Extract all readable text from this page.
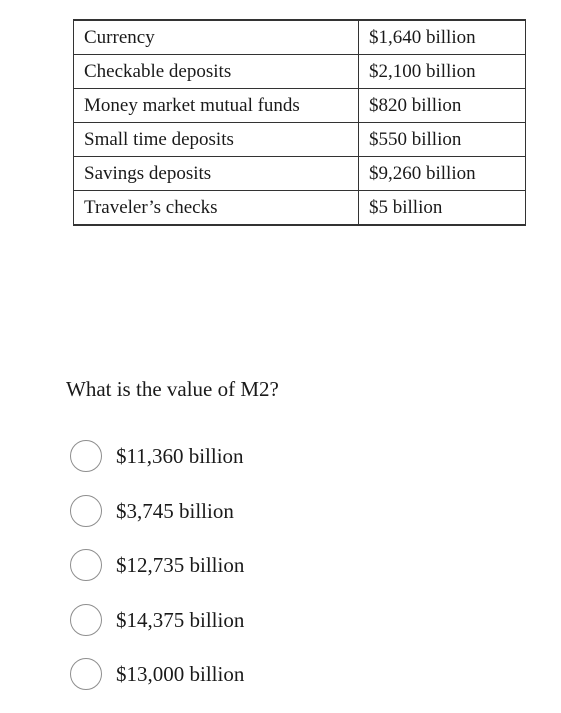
Currency	$1,640 billion
Checkable deposits	$2,100 billion
Money market mutual funds	$820 billion
Small time deposits	$550 billion
Savings deposits	$9,260 billion
Traveler’s checks	$5 billion
What is the value of M2?
$11,360 billion
$3,745 billion
$12,735 billion
$14,375 billion
$13,000 billion
